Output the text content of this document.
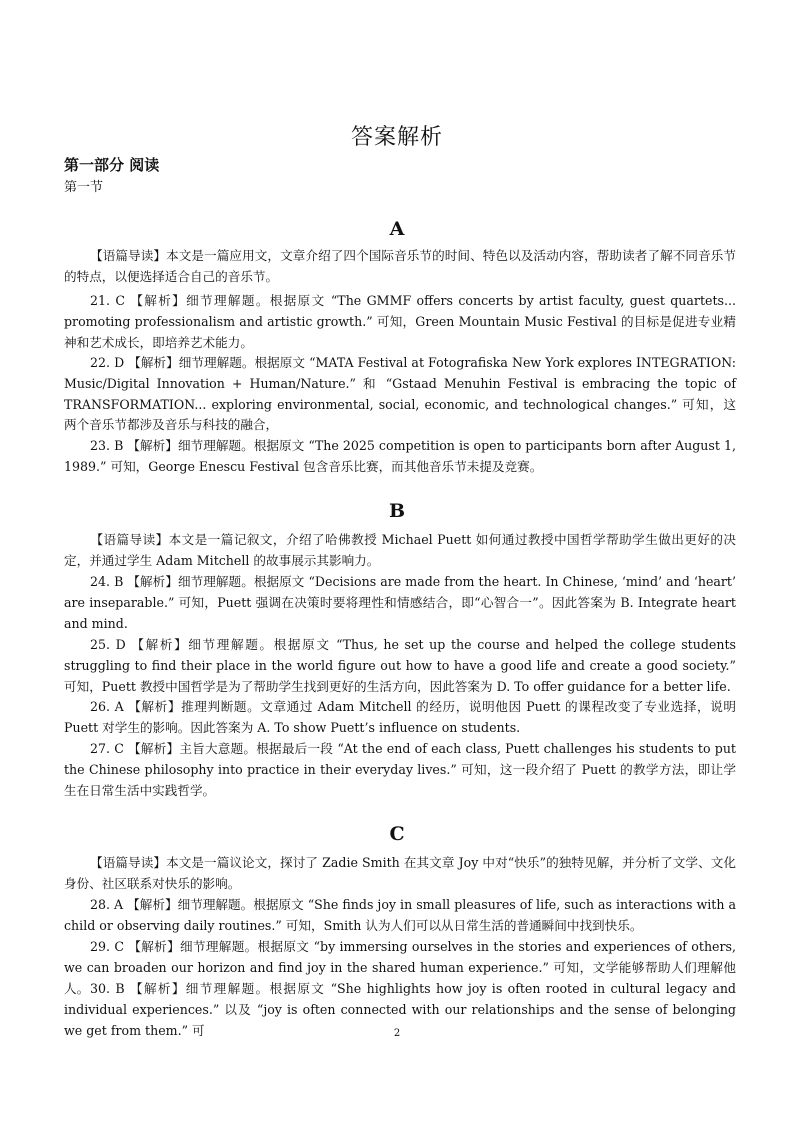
答案解析
第一部分 阅读
第一节
A

【语篇导读】本文是一篇应用文，文章介绍了四个国际音乐节的时间、特色以及活动内容，帮助读者了解不同音乐节的特点，以便选择适合自己的音乐节。

21. C 【解析】细节理解题。根据原文 “The GMMF offers concerts by artist faculty, guest quartets... promoting professionalism and artistic growth.” 可知，Green Mountain Music Festival 的目标是促进专业精神和艺术成长，即培养艺术能力。

22. D 【解析】细节理解题。根据原文 “MATA Festival at Fotografiska New York explores INTEGRATION: Music/Digital Innovation + Human/Nature.” 和 “Gstaad Menuhin Festival is embracing the topic of TRANSFORMATION... exploring environmental, social, economic, and technological changes.” 可知，这两个音乐节都涉及音乐与科技的融合，

23. B 【解析】细节理解题。根据原文 “The 2025 competition is open to participants born after August 1, 1989.” 可知，George Enescu Festival 包含音乐比赛，而其他音乐节未提及竞赛。

B

【语篇导读】本文是一篇记叙文，介绍了哈佛教授 Michael Puett 如何通过教授中国哲学帮助学生做出更好的决定，并通过学生 Adam Mitchell 的故事展示其影响力。

24. B 【解析】细节理解题。根据原文 “Decisions are made from the heart. In Chinese, ‘mind’ and ‘heart’ are inseparable.” 可知，Puett 强调在决策时要将理性和情感结合，即“心智合一”。因此答案为 B. Integrate heart and mind.

25. D 【解析】细节理解题。根据原文 “Thus, he set up the course and helped the college students struggling to find their place in the world figure out how to have a good life and create a good society.” 可知，Puett 教授中国哲学是为了帮助学生找到更好的生活方向，因此答案为 D. To offer guidance for a better life.

26. A 【解析】推理判断题。文章通过 Adam Mitchell 的经历，说明他因 Puett 的课程改变了专业选择，说明 Puett 对学生的影响。因此答案为 A. To show Puett’s influence on students.

27. C 【解析】主旨大意题。根据最后一段 “At the end of each class, Puett challenges his students to put the Chinese philosophy into practice in their everyday lives.” 可知，这一段介绍了 Puett 的教学方法，即让学生在日常生活中实践哲学。

C

【语篇导读】本文是一篇议论文，探讨了 Zadie Smith 在其文章 Joy 中对“快乐”的独特见解，并分析了文学、文化身份、社区联系对快乐的影响。

28. A 【解析】细节理解题。根据原文 “She finds joy in small pleasures of life, such as interactions with a child or observing daily routines.” 可知，Smith 认为人们可以从日常生活的普通瞬间中找到快乐。

29. C 【解析】细节理解题。根据原文 “by immersing ourselves in the stories and experiences of others, we can broaden our horizon and find joy in the shared human experience.” 可知，文学能够帮助人们理解他人。 30. B 【解析】细节理解题。根据原文 “She highlights how joy is often rooted in cultural legacy and individual experiences.” 以及 “joy is often connected with our relationships and the sense of belonging we get from them.” 可	2
